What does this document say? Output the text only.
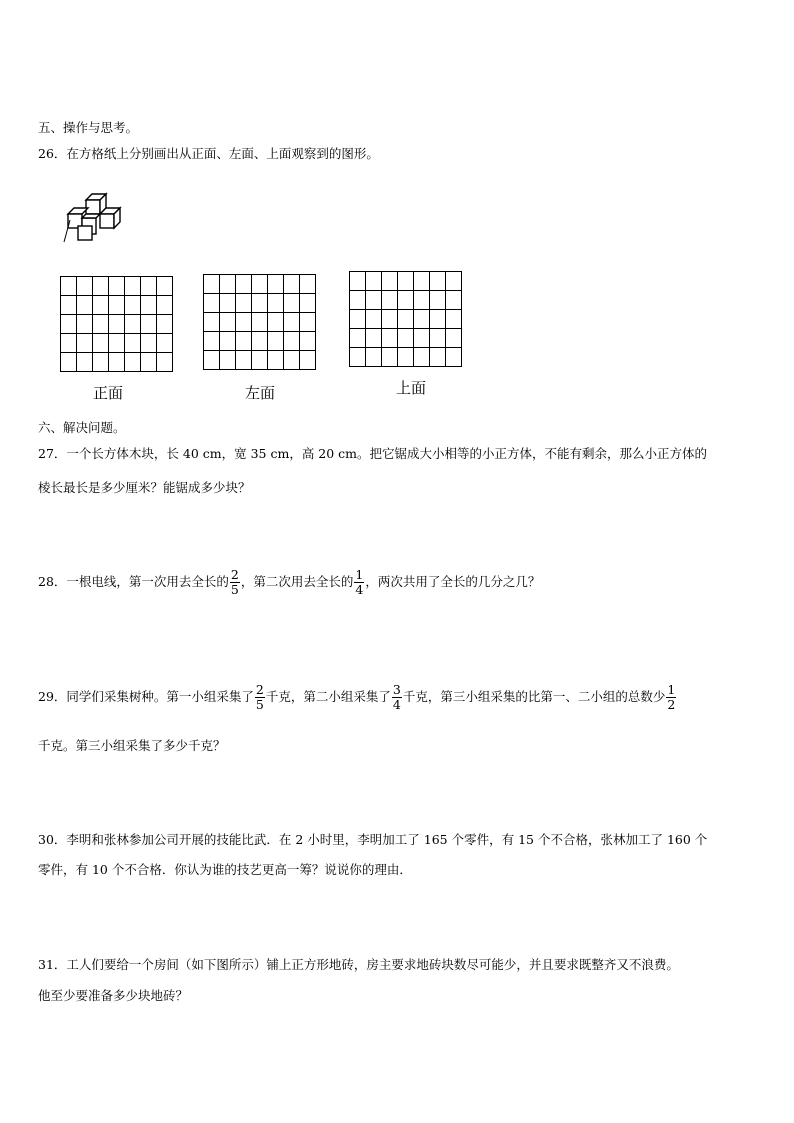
五、操作与思考。
26．在方格纸上分别画出从正面、左面、上面观察到的图形。

正面

							左面

							上面
六、解决问题。
27．一个长方体木块，长 40 cm，宽 35 cm，高 20 cm。把它锯成大小相等的小正方体，不能有剩余，那么小正方体的
棱长最长是多少厘米？能锯成多少块？
28．一根电线，第一次用去全长的 $\frac{2}{5}$ ，第二次用去全长的 $\frac{1}{4}$ ，两次共用了全长的几分之几？
29．同学们采集树种。第一小组采集了 $\frac{2}{5}$ 千克，第二小组采集了 $\frac{3}{4}$ 千克，第三小组采集的比第一、二小组的总数少 $\frac{1}{2}$
千克。第三小组采集了多少千克？
30．李明和张林参加公司开展的技能比武．在 2 小时里，李明加工了 165 个零件，有 15 个不合格，张林加工了 160 个
零件，有 10 个不合格．你认为谁的技艺更高一筹？说说你的理由．
31．工人们要给一个房间（如下图所示）铺上正方形地砖，房主要求地砖块数尽可能少，并且要求既整齐又不浪费。
他至少要准备多少块地砖？
